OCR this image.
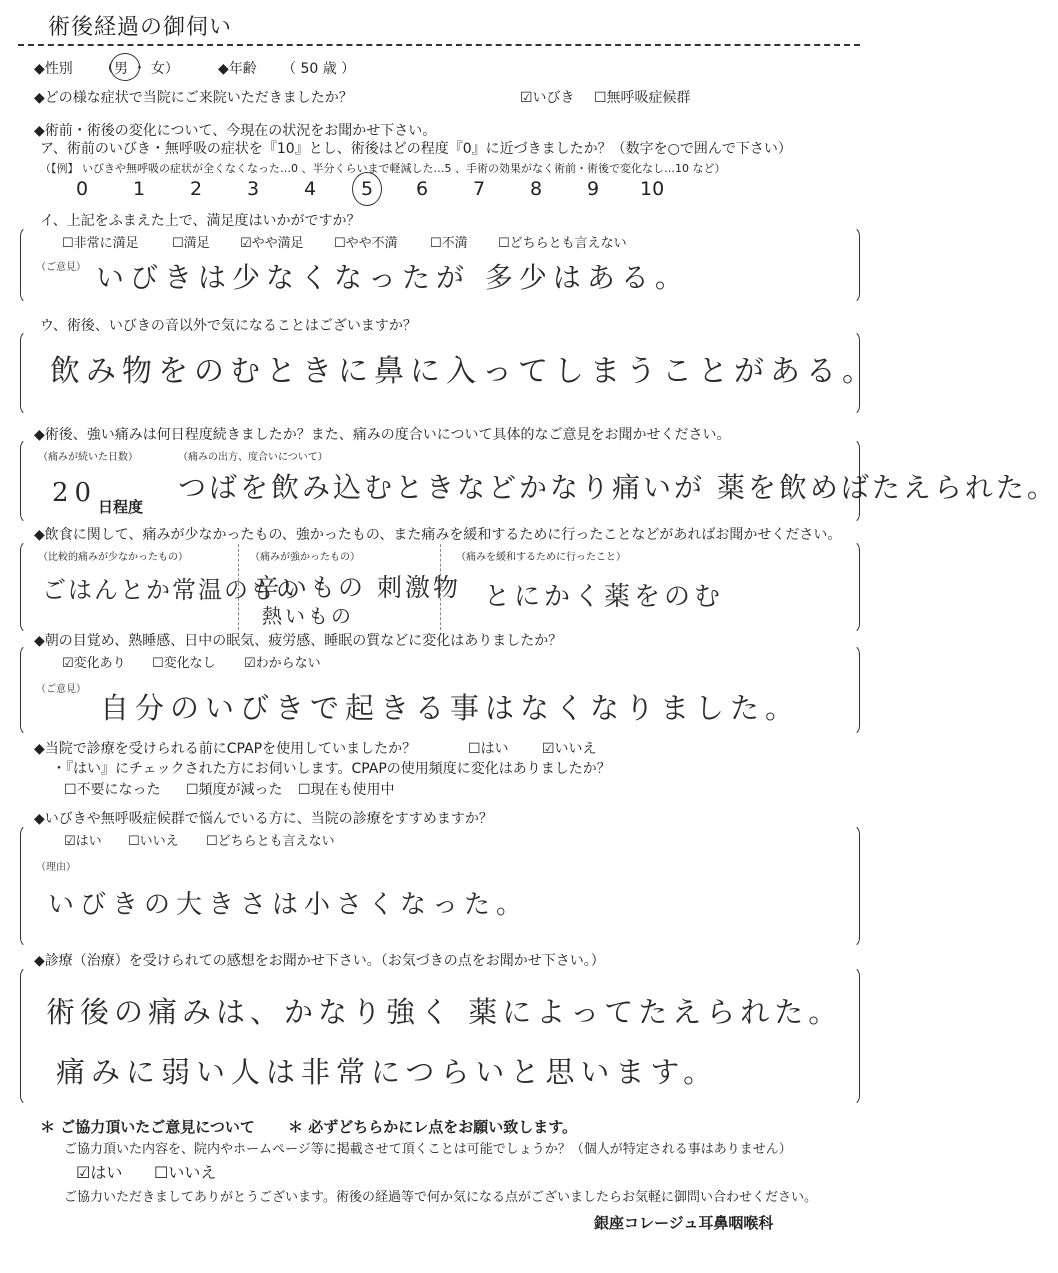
術後経過の御伺い
◆性別 （男 ・ 女）	◆年齢 （ 50 歳 ）
◆どの様な症状で当院にご来院いただきましたか？	☑いびき ☐無呼吸症候群
◆術前・術後の変化について、今現在の状況をお聞かせ下さい。
ア、術前のいびき・無呼吸の症状を『10』とし、術後はどの程度『0』に近づきましたか？（数字を○で囲んで下さい）
（【例】 いびきや無呼吸の症状が全くなくなった…0 、半分くらいまで軽減した…5 、手術の効果がなく術前・術後で変化なし…10 など）
0 1 2 3 4 5 6 7 8 9 10
イ、上記をふまえた上で、満足度はいかがですか？
☐非常に満足	☐満足 ☑やや満足 ☐やや不満 ☐不満 ☐どちらとも言えない
（ご意見） いびきは少なくなったが 多少はある。
ウ、術後、いびきの音以外で気になることはございますか？
飲み物をのむときに鼻に入ってしまうことがある。
◆術後、強い痛みは何日程度続きましたか？また、痛みの度合いについて具体的なご意見をお聞かせください。
（痛みが続いた日数）
20 日程度
（痛みの出方、度合いについて）
つばを飲み込むときなどかなり痛いが 薬を飲めばたえられた。
◆飲食に関して、痛みが少なかったもの、強かったもの、また痛みを緩和するために行ったことなどがあればお聞かせください。
（比較的痛みが少なかったもの）
ごはんとか常温のもの
（痛みが強かったもの）
辛いもの 刺激物
熱いもの
（痛みを緩和するために行ったこと）
とにかく薬をのむ
◆朝の目覚め、熟睡感、日中の眠気、疲労感、睡眠の質などに変化はありましたか？
☑変化あり ☐変化なし ☑わからない
（ご意見）
自分のいびきで起きる事はなくなりました。
◆当院で診療を受けられる前にCPAPを使用していましたか？	☐はい ☑いいえ
・『はい』にチェックされた方にお伺いします。CPAPの使用頻度に変化はありましたか？
☐不要になった ☐頻度が減った ☐現在も使用中
◆いびきや無呼吸症候群で悩んでいる方に、当院の診療をすすめますか？
☑はい ☐いいえ ☐どちらとも言えない
（理由）
いびきの大きさは小さくなった。
◆診療（治療）を受けられての感想をお聞かせ下さい。（お気づきの点をお聞かせ下さい。）
術後の痛みは、かなり強く 薬によってたえられた。
痛みに弱い人は非常につらいと思います。
＊ ご協力頂いたご意見について ＊ 必ずどちらかにレ点をお願い致します。
ご協力頂いた内容を、院内やホームページ等に掲載させて頂くことは可能でしょうか？（個人が特定される事はありません）
☑はい ☐いいえ
ご協力いただきましてありがとうございます。術後の経過等で何か気になる点がございましたらお気軽に御問い合わせください。
銀座コレージュ耳鼻咽喉科
